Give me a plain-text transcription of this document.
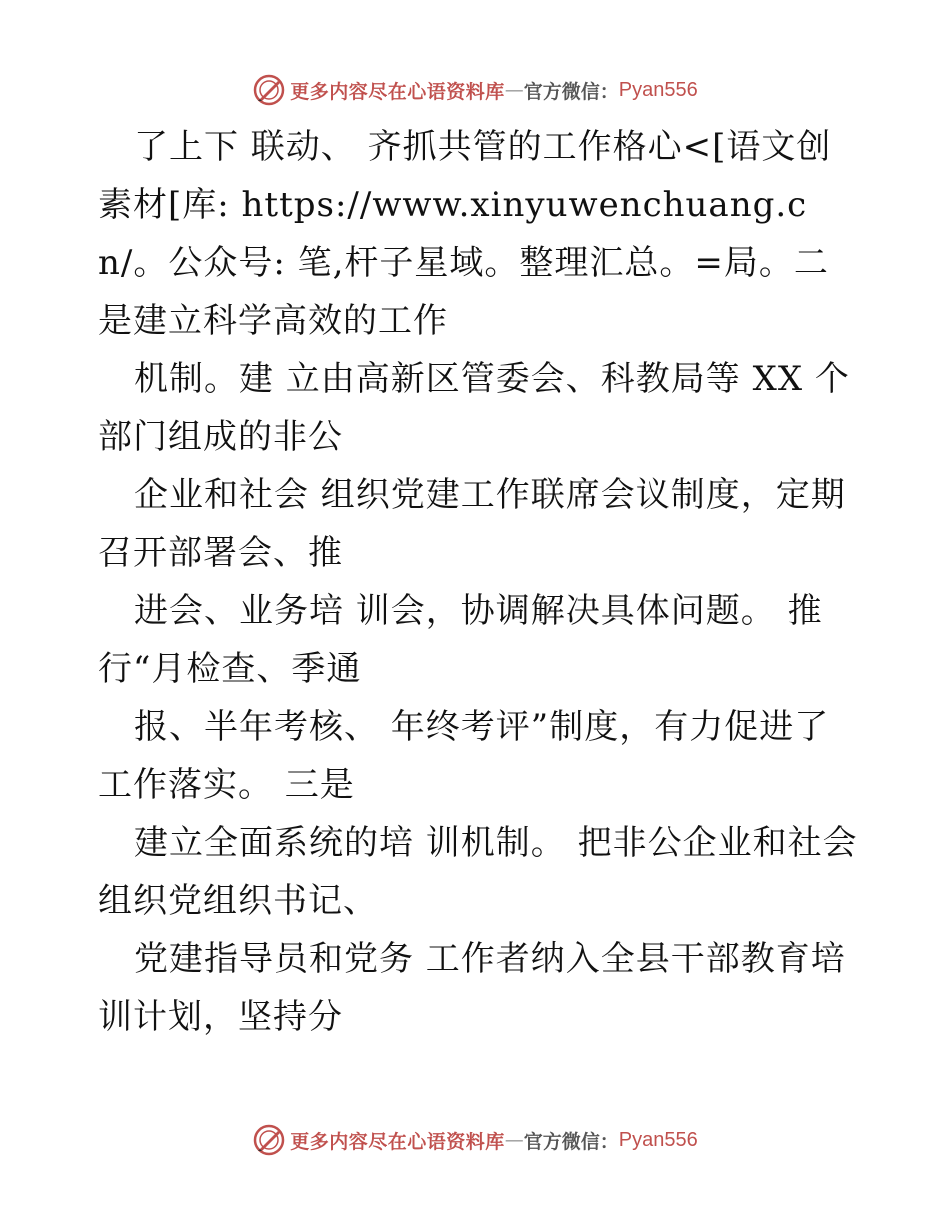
更多内容尽在心语资料库 — 官方微信： Pyan556

了上下 联动、 齐抓共管的工作格心<[语文创素材[库: https://www.xinyuwenchuang.cn/。公众号: 笔,杆子星域。整理汇总。=局。二是建立科学高效的工作

机制。建 立由高新区管委会、科教局等 XX 个部门组成的非公

企业和社会 组织党建工作联席会议制度，定期召开部署会、推

进会、业务培 训会，协调解决具体问题。 推行“月检查、季通

报、半年考核、 年终考评”制度，有力促进了工作落实。 三是

建立全面系统的培 训机制。 把非公企业和社会组织党组织书记、

党建指导员和党务 工作者纳入全县干部教育培训计划，坚持分

更多内容尽在心语资料库 — 官方微信： Pyan556
